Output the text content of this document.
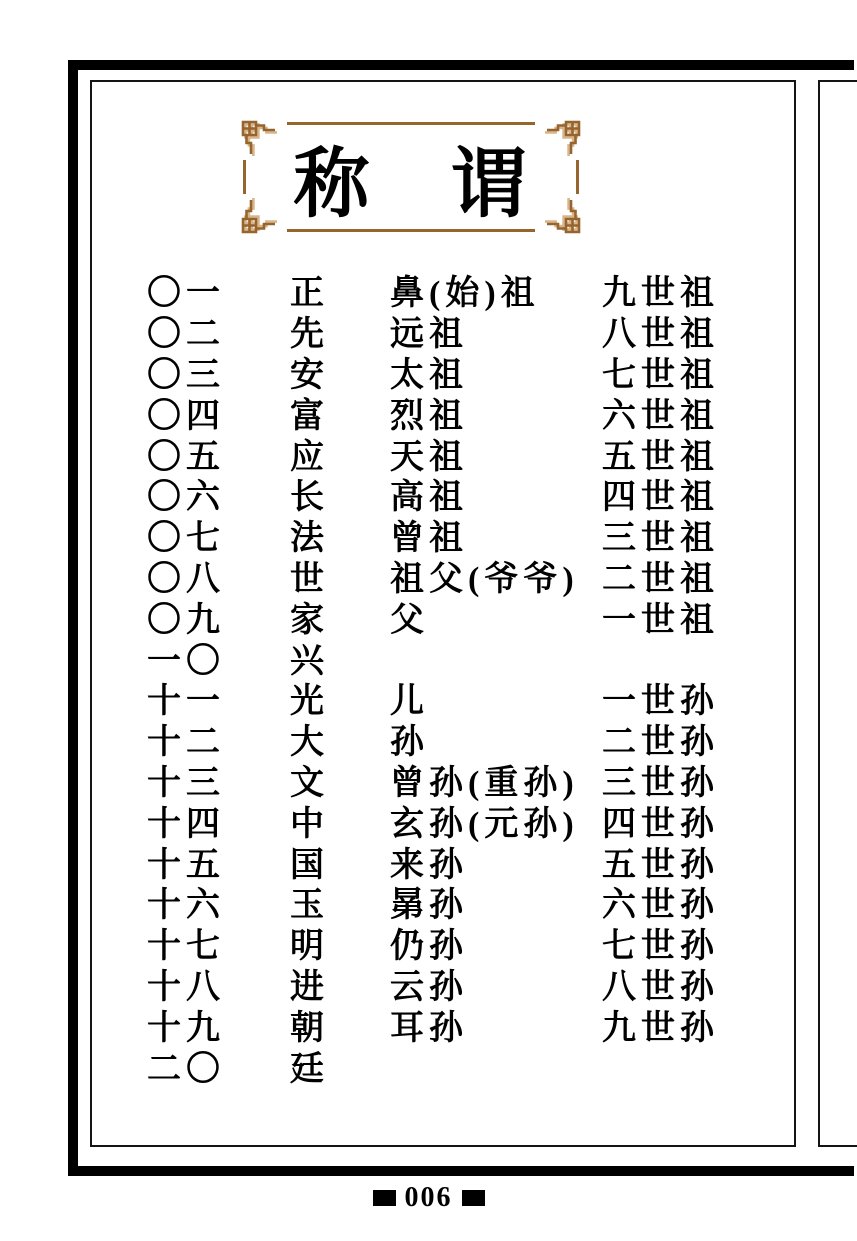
称 谓
〇一	正	鼻(始)祖	九世祖
〇二	先	远祖	八世祖
〇三	安	太祖	七世祖
〇四	富	烈祖	六世祖
〇五	应	天祖	五世祖
〇六	长	高祖	四世祖
〇七	法	曾祖	三世祖
〇八	世	祖父(爷爷) 二世祖
〇九	家	父	一世祖
一〇	兴
十一	光	儿	一世孙
十二	大	孙	二世孙
十三	文	曾孙(重孙) 三世孙
十四	中	玄孙(元孙) 四世孙
十五	国	来孙	五世孙
十六	玉	晜孙	六世孙
十七	明	仍孙	七世孙
十八	进	云孙	八世孙
十九	朝	耳孙	九世孙
二〇	廷
006
